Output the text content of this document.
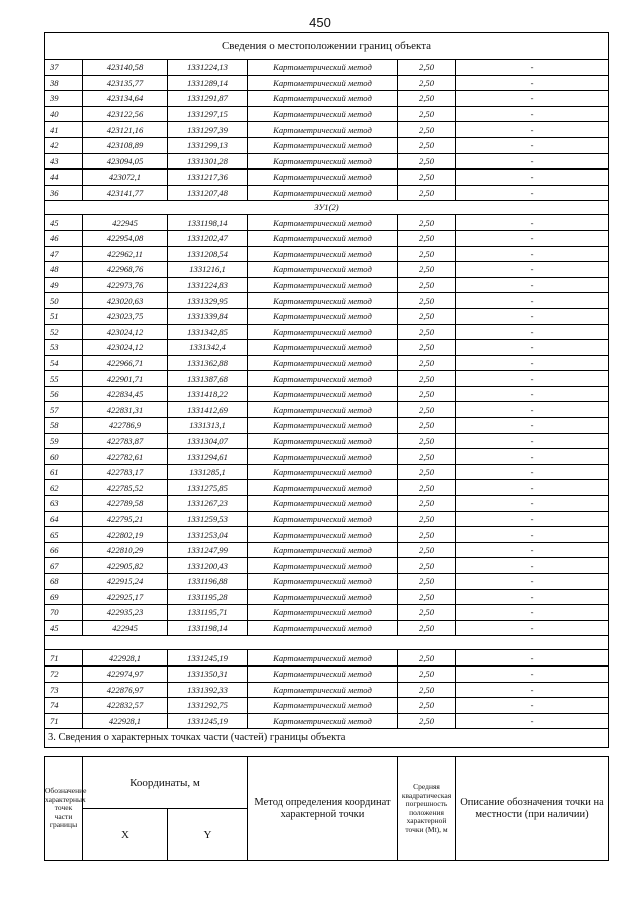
450
Сведения о местоположении границ объекта					
37	423140,58	1331224,13	Картометрический метод	2,50	-
38	423135,77	1331289,14	Картометрический метод	2,50	-
39	423134,64	1331291,87	Картометрический метод	2,50	-
40	423122,56	1331297,15	Картометрический метод	2,50	-
41	423121,16	1331297,39	Картометрический метод	2,50	-
42	423108,89	1331299,13	Картометрический метод	2,50	-
43	423094,05	1331301,28	Картометрический метод	2,50	-
44	423072,1	1331217,36	Картометрический метод	2,50	-
36	423141,77	1331207,48	Картометрический метод	2,50	-
ЗУ1(2)					
45	422945	1331198,14	Картометрический метод	2,50	-
46	422954,08	1331202,47	Картометрический метод	2,50	-
47	422962,11	1331208,54	Картометрический метод	2,50	-
48	422968,76	1331216,1	Картометрический метод	2,50	-
49	422973,76	1331224,83	Картометрический метод	2,50	-
50	423020,63	1331329,95	Картометрический метод	2,50	-
51	423023,75	1331339,84	Картометрический метод	2,50	-
52	423024,12	1331342,85	Картометрический метод	2,50	-
53	423024,12	1331342,4	Картометрический метод	2,50	-
54	422966,71	1331362,88	Картометрический метод	2,50	-
55	422901,71	1331387,68	Картометрический метод	2,50	-
56	422834,45	1331418,22	Картометрический метод	2,50	-
57	422831,31	1331412,69	Картометрический метод	2,50	-
58	422786,9	1331313,1	Картометрический метод	2,50	-
59	422783,87	1331304,07	Картометрический метод	2,50	-
60	422782,61	1331294,61	Картометрический метод	2,50	-
61	422783,17	1331285,1	Картометрический метод	2,50	-
62	422785,52	1331275,85	Картометрический метод	2,50	-
63	422789,58	1331267,23	Картометрический метод	2,50	-
64	422795,21	1331259,53	Картометрический метод	2,50	-
65	422802,19	1331253,04	Картометрический метод	2,50	-
66	422810,29	1331247,99	Картометрический метод	2,50	-
67	422905,82	1331200,43	Картометрический метод	2,50	-
68	422915,24	1331196,88	Картометрический метод	2,50	-
69	422925,17	1331195,28	Картометрический метод	2,50	-
70	422935,23	1331195,71	Картометрический метод	2,50	-
45	422945	1331198,14	Картометрический метод	2,50	-

71	422928,1	1331245,19	Картометрический метод	2,50	-
72	422974,97	1331350,31	Картометрический метод	2,50	-
73	422876,97	1331392,33	Картометрический метод	2,50	-
74	422832,57	1331292,75	Картометрический метод	2,50	-
71	422928,1	1331245,19	Картометрический метод	2,50	-
3. Сведения о характерных точках части (частей) границы объекта					
Обозначение характерных точек части границы	Координаты, м		Метод определения координат характерной точки	Средняя квадратическая погрешность положения характерной точки (Mt), м	Описание обозначения точки на местности (при наличии)
	X	Y			
